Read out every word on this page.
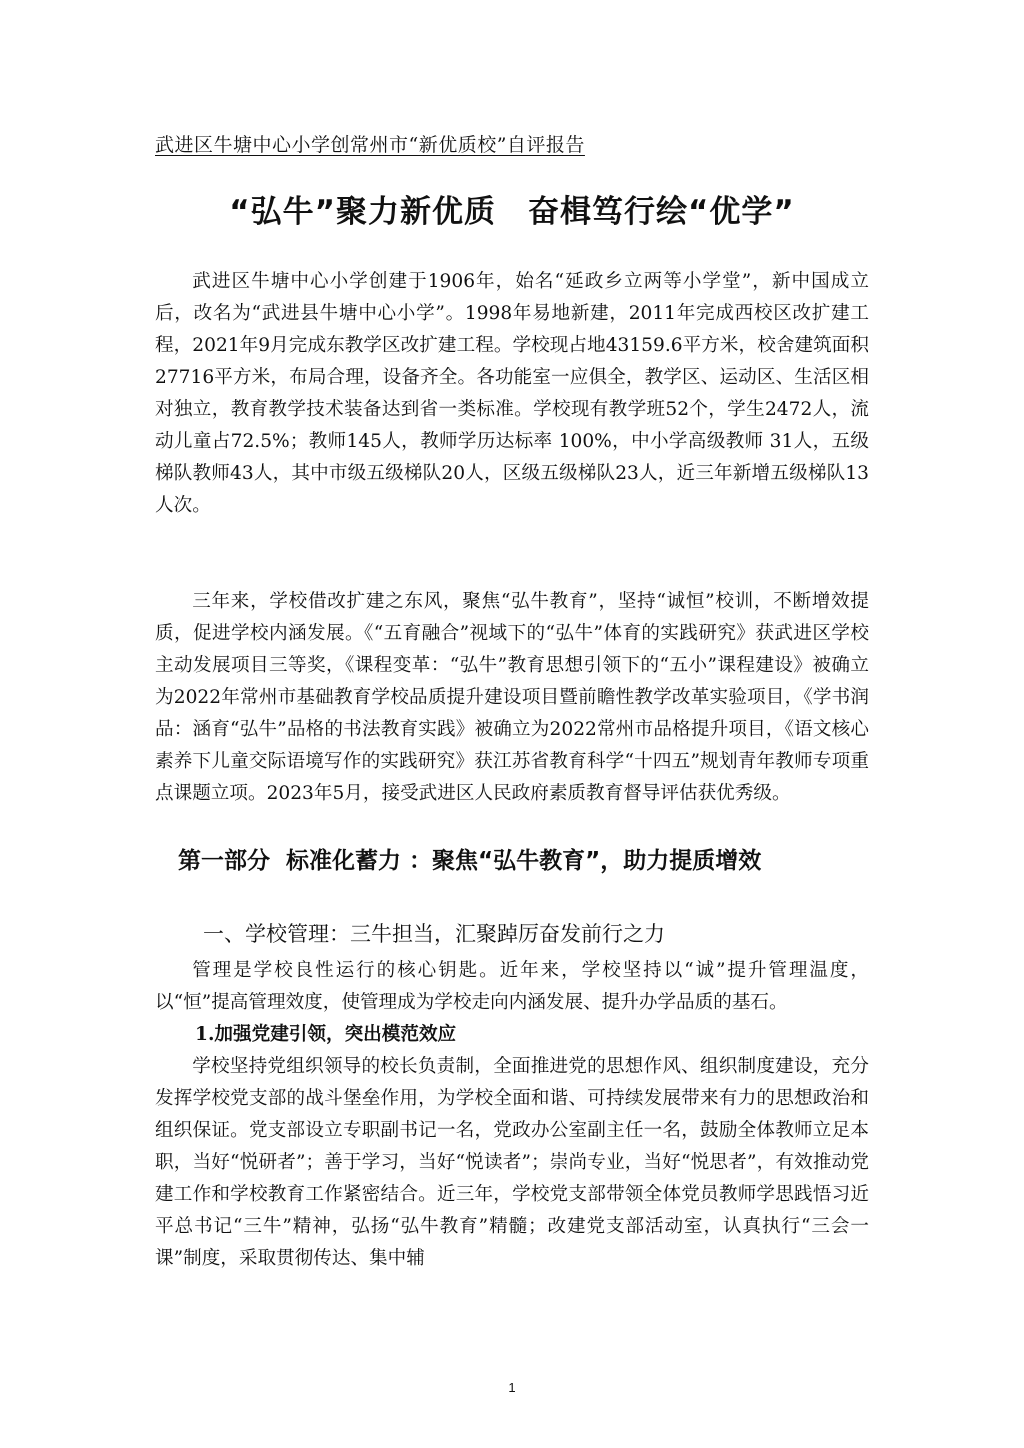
武进区牛塘中心小学创常州市“新优质校”自评报告
“弘牛”聚力新优质　奋楫笃行绘“优学”

武进区牛塘中心小学创建于1906年，始名“延政乡立两等小学堂”，新中国成立后，改名为“武进县牛塘中心小学”。1998年易地新建，2011年完成西校区改扩建工程，2021年9月完成东教学区改扩建工程。学校现占地43159.6平方米，校舍建筑面积27716平方米，布局合理，设备齐全。各功能室一应俱全，教学区、运动区、生活区相对独立，教育教学技术装备达到省一类标准。学校现有教学班52个，学生2472人，流动儿童占72.5%；教师145人，教师学历达标率 100%，中小学高级教师 31人，五级梯队教师43人，其中市级五级梯队20人，区级五级梯队23人，近三年新增五级梯队13人次。

三年来，学校借改扩建之东风，聚焦“弘牛教育”，坚持“诚恒”校训，不断增效提质，促进学校内涵发展。《“五育融合”视域下的“弘牛”体育的实践研究》获武进区学校主动发展项目三等奖，《课程变革：“弘牛”教育思想引领下的“五小”课程建设》被确立为2022年常州市基础教育学校品质提升建设项目暨前瞻性教学改革实验项目，《学书润品：涵育“弘牛”品格的书法教育实践》被确立为2022常州市品格提升项目，《语文核心素养下儿童交际语境写作的实践研究》获江苏省教育科学“十四五”规划青年教师专项重点课题立项。2023年5月，接受武进区人民政府素质教育督导评估获优秀级。

第一部分  标准化蓄力 ：聚焦“弘牛教育”，助力提质增效
一、学校管理：三牛担当，汇聚踔厉奋发前行之力

管理是学校良性运行的核心钥匙。近年来，学校坚持以“诚”提升管理温度，以“恒”提高管理效度，使管理成为学校走向内涵发展、提升办学品质的基石。

1.加强党建引领，突出模范效应

学校坚持党组织领导的校长负责制，全面推进党的思想作风、组织制度建设，充分发挥学校党支部的战斗堡垒作用，为学校全面和谐、可持续发展带来有力的思想政治和组织保证。党支部设立专职副书记一名，党政办公室副主任一名，鼓励全体教师立足本职，当好“悦研者”；善于学习，当好“悦读者”；崇尚专业，当好“悦思者”，有效推动党建工作和学校教育工作紧密结合。近三年，学校党支部带领全体党员教师学思践悟习近平总书记“三牛”精神，弘扬“弘牛教育”精髓；改建党支部活动室，认真执行“三会一课”制度，采取贯彻传达、集中辅

1
